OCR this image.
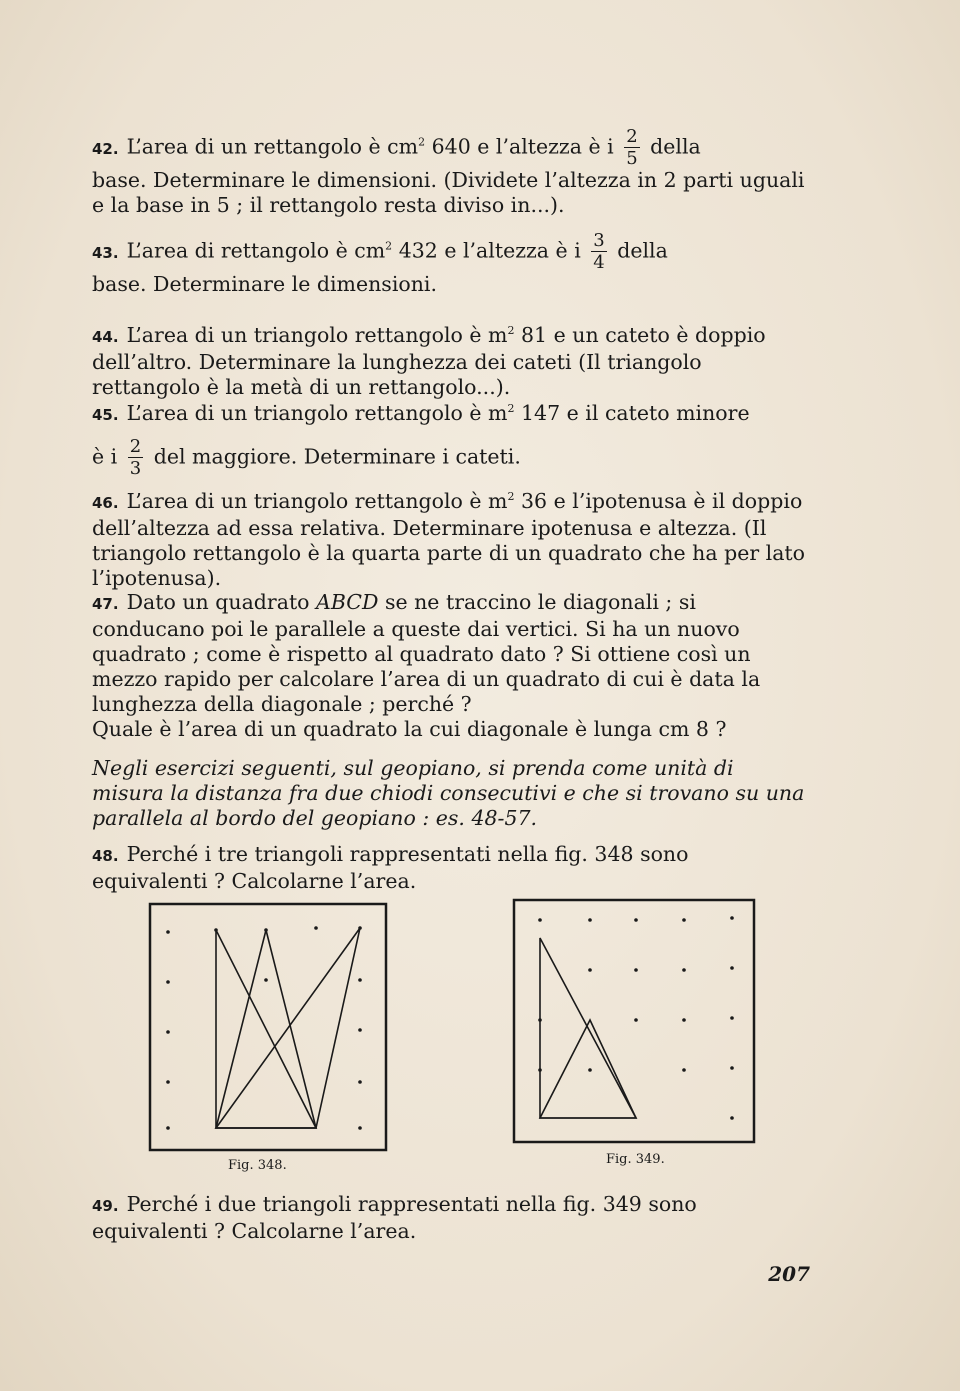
42. L’area di un rettangolo è $cm^2$ 640 e l’altezza è i $\frac{2}{5}$ della
base. Determinare le dimensioni. (Dividete l’altezza in 2 parti uguali e la base in 5 ; il rettangolo resta diviso in...).
43. L’area di rettangolo è $cm^2$ 432 e l’altezza è i $\frac{3}{4}$ della
base. Determinare le dimensioni.
44. L’area di un triangolo rettangolo è $m^2$ 81 e un cateto è doppio dell’altro. Determinare la lunghezza dei cateti (Il triangolo rettangolo è la metà di un rettangolo...).
45. L’area di un triangolo rettangolo è $m^2$ 147 e il cateto minore

è i $\frac{2}{3}$ del maggiore. Determinare i cateti.
46. L’area di un triangolo rettangolo è $m^2$ 36 e l’ipotenusa è il doppio dell’altezza ad essa relativa. Determinare ipotenusa e altezza. (Il triangolo rettangolo è la quarta parte di un quadrato che ha per lato l’ipotenusa).
47. Dato un quadrato ABCD se ne traccino le diagonali ; si conducano poi le parallele a queste dai vertici. Si ha un nuovo quadrato ; come è rispetto al quadrato dato ? Si ottiene così un mezzo rapido per calcolare l’area di un quadrato di cui è data la lunghezza della diagonale ; perché ?
Quale è l’area di un quadrato la cui diagonale è lunga cm 8 ?
Negli esercizi seguenti, sul geopiano, si prenda come unità di misura la distanza fra due chiodi consecutivi e che si trovano su una parallela al bordo del geopiano : es. 48-57.
48. Perché i tre triangoli rappresentati nella fig. 348 sono equivalenti ? Calcolarne l’area.
Fig. 348.	Fig. 349.
49. Perché i due triangoli rappresentati nella fig. 349 sono equivalenti ? Calcolarne l’area.
207
